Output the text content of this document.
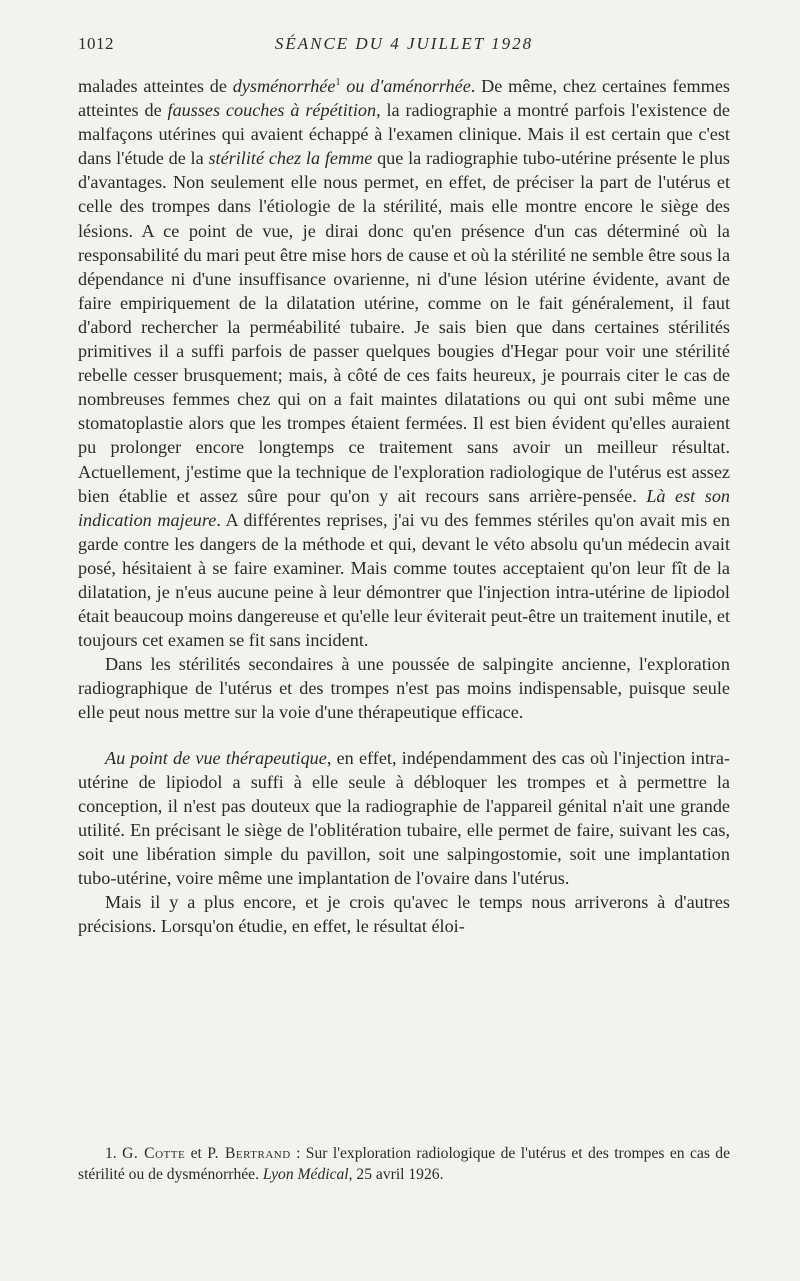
1012	SÉANCE DU 4 JUILLET 1928

malades atteintes de dysménorrhée$^1$ ou d'aménorrhée. De même, chez certaines femmes atteintes de fausses couches à répétition, la radiographie a montré parfois l'existence de malfaçons utérines qui avaient échappé à l'examen clinique. Mais il est certain que c'est dans l'étude de la stérilité chez la femme que la radiographie tubo-utérine présente le plus d'avantages. Non seulement elle nous permet, en effet, de préciser la part de l'utérus et celle des trompes dans l'étiologie de la stérilité, mais elle montre encore le siège des lésions. A ce point de vue, je dirai donc qu'en présence d'un cas déterminé où la responsabilité du mari peut être mise hors de cause et où la stérilité ne semble être sous la dépendance ni d'une insuffisance ovarienne, ni d'une lésion utérine évidente, avant de faire empiriquement de la dilatation utérine, comme on le fait généralement, il faut d'abord rechercher la perméabilité tubaire. Je sais bien que dans certaines stérilités primitives il a suffi parfois de passer quelques bougies d'Hegar pour voir une stérilité rebelle cesser brusquement; mais, à côté de ces faits heureux, je pourrais citer le cas de nombreuses femmes chez qui on a fait maintes dilatations ou qui ont subi même une stomatoplastie alors que les trompes étaient fermées. Il est bien évident qu'elles auraient pu prolonger encore longtemps ce traitement sans avoir un meilleur résultat. Actuellement, j'estime que la technique de l'exploration radiologique de l'utérus est assez bien établie et assez sûre pour qu'on y ait recours sans arrière-pensée. Là est son indication majeure. A différentes reprises, j'ai vu des femmes stériles qu'on avait mis en garde contre les dangers de la méthode et qui, devant le véto absolu qu'un médecin avait posé, hésitaient à se faire examiner. Mais comme toutes acceptaient qu'on leur fît de la dilatation, je n'eus aucune peine à leur démontrer que l'injection intra-utérine de lipiodol était beaucoup moins dangereuse et qu'elle leur éviterait peut-être un traitement inutile, et toujours cet examen se fit sans incident.

Dans les stérilités secondaires à une poussée de salpingite ancienne, l'exploration radiographique de l'utérus et des trompes n'est pas moins indispensable, puisque seule elle peut nous mettre sur la voie d'une thérapeutique efficace.

Au point de vue thérapeutique, en effet, indépendamment des cas où l'injection intra-utérine de lipiodol a suffi à elle seule à débloquer les trompes et à permettre la conception, il n'est pas douteux que la radiographie de l'appareil génital n'ait une grande utilité. En précisant le siège de l'oblitération tubaire, elle permet de faire, suivant les cas, soit une libération simple du pavillon, soit une salpingostomie, soit une implantation tubo-utérine, voire même une implantation de l'ovaire dans l'utérus.

Mais il y a plus encore, et je crois qu'avec le temps nous arriverons à d'autres précisions. Lorsqu'on étudie, en effet, le résultat éloi-

1. G. Cotte et P. Bertrand : Sur l'exploration radiologique de l'utérus et des trompes en cas de stérilité ou de dysménorrhée. Lyon Médical, 25 avril 1926.
